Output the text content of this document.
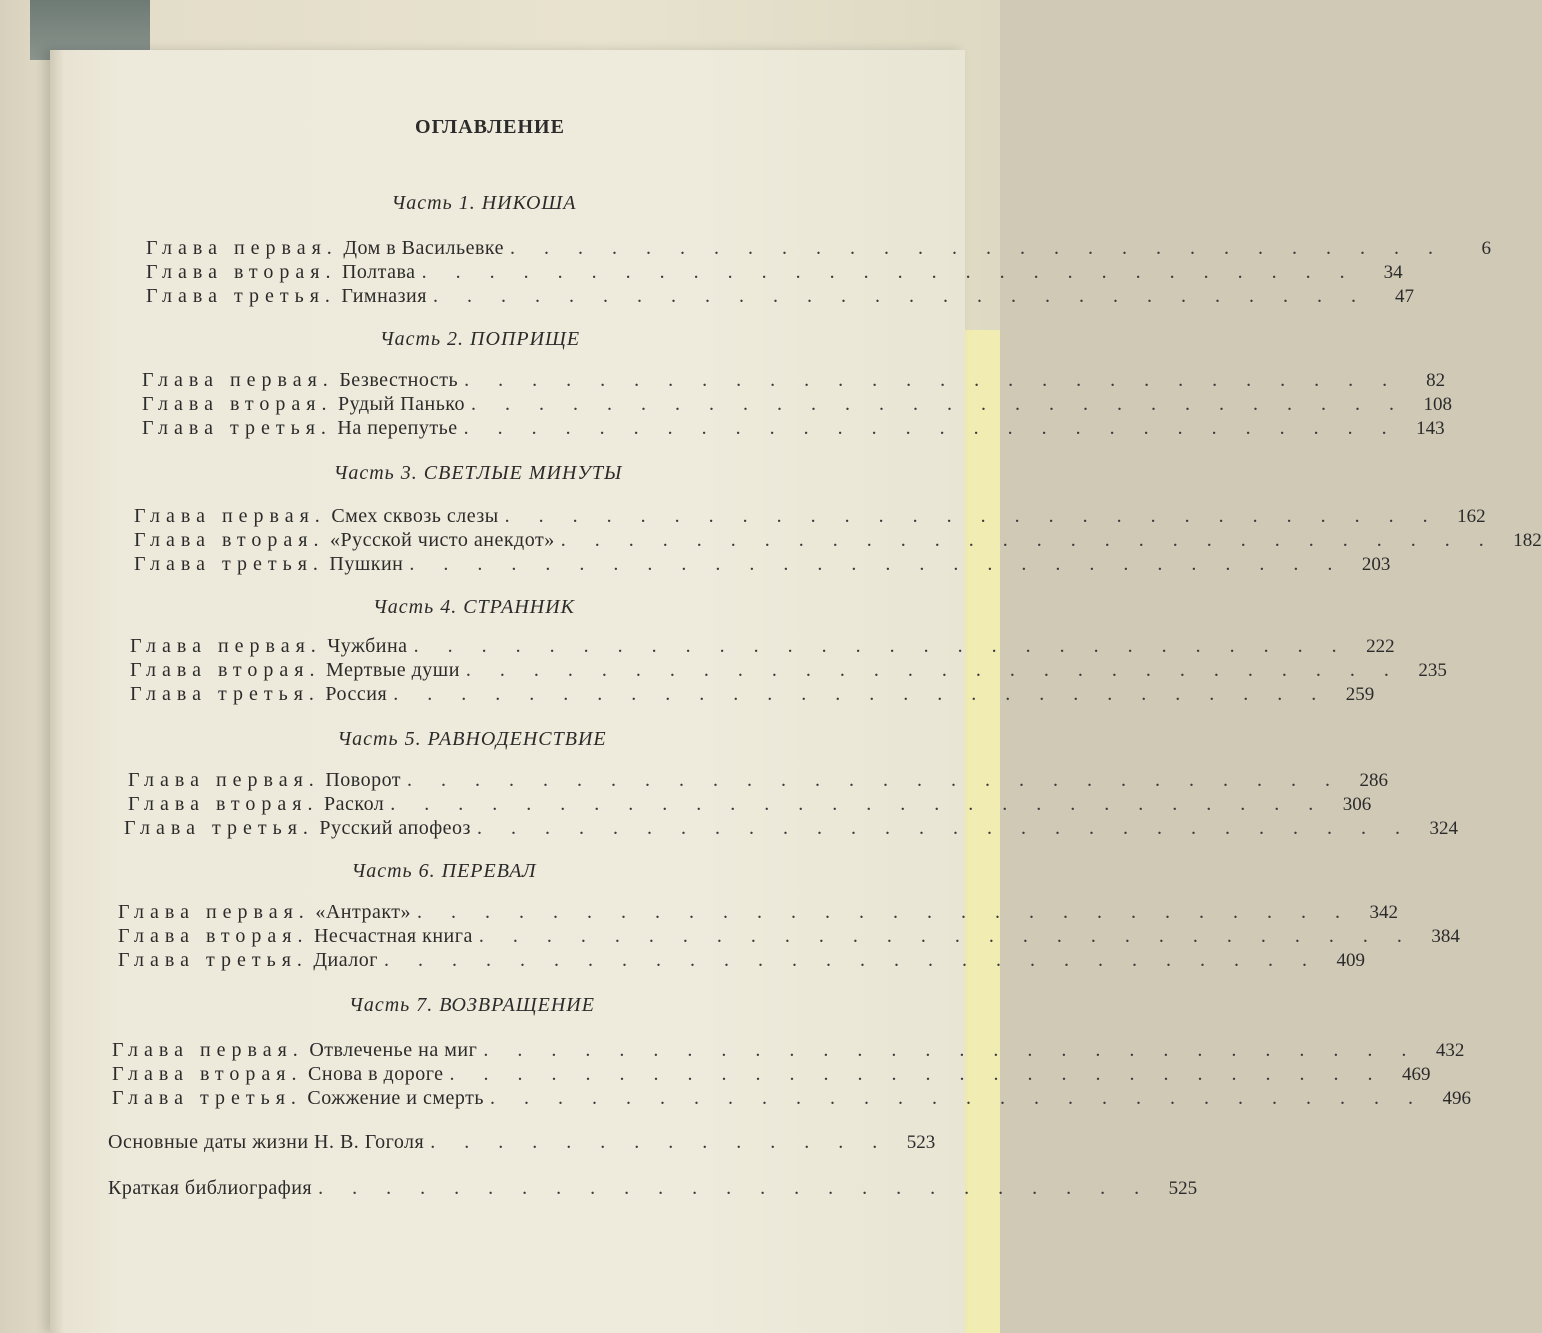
ОГЛАВЛЕНИЕ
Часть 1. НИКОША
Глава первая. Дом в Васильевке . . . . . . . . . . . . . . . . . . . . . . . . . . . .	6
Глава вторая. Полтава . . . . . . . . . . . . . . . . . . . . . . . . . . . .	34
Глава третья. Гимназия . . . . . . . . . . . . . . . . . . . . . . . . . . . .	47
Часть 2. ПОПРИЩЕ
Глава первая. Безвестность . . . . . . . . . . . . . . . . . . . . . . . . . . . .	82
Глава вторая. Рудый Панько . . . . . . . . . . . . . . . . . . . . . . . . . . . . 108
Глава третья. На перепутье . . . . . . . . . . . . . . . . . . . . . . . . . . . . 143
Часть 3. СВЕТЛЫЕ МИНУТЫ
Глава первая. Смех сквозь слезы . . . . . . . . . . . . . . . . . . . . . . . . . . . . 162
Глава вторая. «Русской чисто анекдот» . . . . . . . . . . . . . . . . . . . . . . . . . . . . 182
Глава третья. Пушкин . . . . . . . . . . . . . . . . . . . . . . . . . . . . 203
Часть 4. СТРАННИК
Глава первая. Чужбина . . . . . . . . . . . . . . . . . . . . . . . . . . . . 222
Глава вторая. Мертвые души . . . . . . . . . . . . . . . . . . . . . . . . . . . . 235
Глава третья. Россия . . . . . . . . . . . . . . . . . . . . . . . . . . . . 259
Часть 5. РАВНОДЕНСТВИЕ
Глава первая. Поворот . . . . . . . . . . . . . . . . . . . . . . . . . . . . 286
Глава вторая. Раскол . . . . . . . . . . . . . . . . . . . . . . . . . . . . 306
Глава третья. Русский апофеоз . . . . . . . . . . . . . . . . . . . . . . . . . . . . 324
Часть 6. ПЕРЕВАЛ
Глава первая. «Антракт» . . . . . . . . . . . . . . . . . . . . . . . . . . . . 342
Глава вторая. Несчастная книга . . . . . . . . . . . . . . . . . . . . . . . . . . . . 384
Глава третья. Диалог . . . . . . . . . . . . . . . . . . . . . . . . . . . . 409
Часть 7. ВОЗВРАЩЕНИЕ
Глава первая. Отвлеченье на миг . . . . . . . . . . . . . . . . . . . . . . . . . . . . 432
Глава вторая. Снова в дороге . . . . . . . . . . . . . . . . . . . . . . . . . . . . 469
Глава третья. Сожжение и смерть . . . . . . . . . . . . . . . . . . . . . . . . . . . . 496
Основные даты жизни Н. В. Гоголя . . . . . . . . . . . . . . 523
Краткая библиография . . . . . . . . . . . . . . . . . . . . . . . . . 525
